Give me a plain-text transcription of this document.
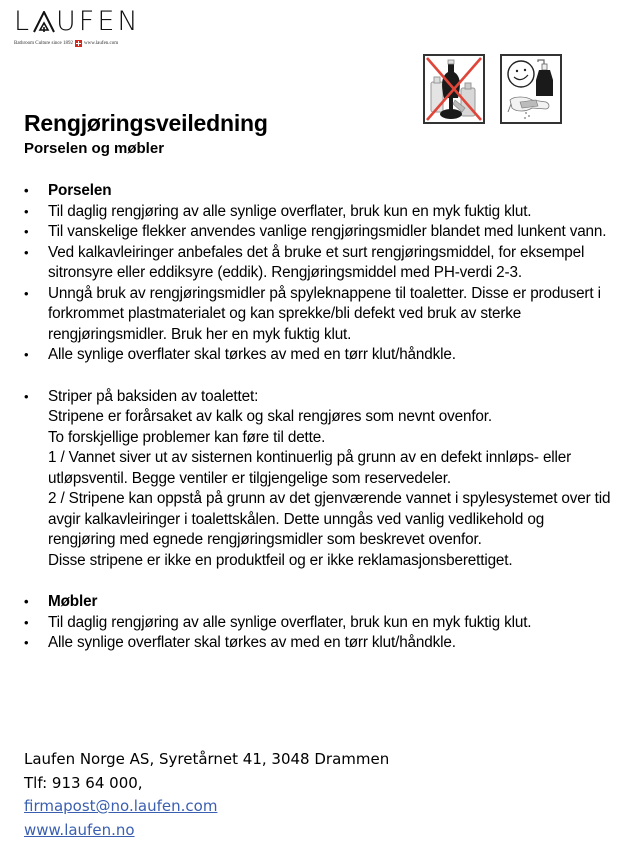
L UFEN
Bathroom Culture since 1892 www.laufen.com
Rengjøringsveiledning
Porselen og møbler
• Porselen
• Til daglig rengjøring av alle synlige overflater, bruk kun en myk fuktig klut.
• Til vanskelige flekker anvendes vanlige rengjøringsmidler blandet med lunkent vann.
• Ved kalkavleiringer anbefales det å bruke et surt rengjøringsmiddel, for eksempel sitronsyre eller eddiksyre (eddik). Rengjøringsmiddel med PH-verdi 2-3.
• Unngå bruk av rengjøringsmidler på spyleknappene til toaletter. Disse er produsert i forkrommet plastmaterialet og kan sprekke/bli defekt ved bruk av sterke rengjøringsmidler. Bruk her en myk fuktig klut.
• Alle synlige overflater skal tørkes av med en tørr klut/håndkle.
• Striper på baksiden av toalettet:
Stripene er forårsaket av kalk og skal rengjøres som nevnt ovenfor.
To forskjellige problemer kan føre til dette.
1 / Vannet siver ut av sisternen kontinuerlig på grunn av en defekt innløps- eller utløpsventil. Begge ventiler er tilgjengelige som reservedeler.
2 / Stripene kan oppstå på grunn av det gjenværende vannet i spylesystemet over tid avgir kalkavleiringer i toalettskålen. Dette unngås ved vanlig vedlikehold og rengjøring med egnede rengjøringsmidler som beskrevet ovenfor.
Disse stripene er ikke en produktfeil og er ikke reklamasjonsberettiget.
• Møbler
• Til daglig rengjøring av alle synlige overflater, bruk kun en myk fuktig klut.
• Alle synlige overflater skal tørkes av med en tørr klut/håndkle.
Laufen Norge AS, Syretårnet 41, 3048 Drammen
Tlf: 913 64 000,
firmapost@no.laufen.com
www.laufen.no
